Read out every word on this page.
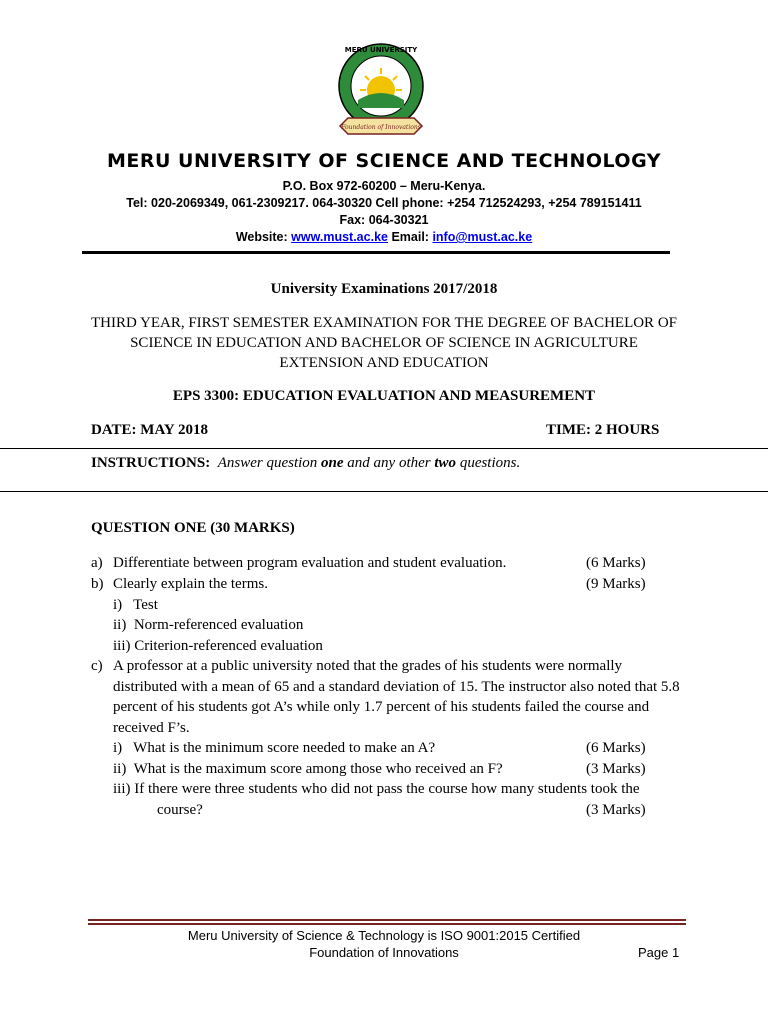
MERU UNIVERSITY
Foundation of Innovations
MERU UNIVERSITY OF SCIENCE AND TECHNOLOGY
P.O. Box 972-60200 – Meru-Kenya.
Tel: 020-2069349, 061-2309217. 064-30320 Cell phone: +254 712524293, +254 789151411
Fax: 064-30321
Website: www.must.ac.ke Email: info@must.ac.ke
University Examinations 2017/2018
THIRD YEAR, FIRST SEMESTER EXAMINATION FOR THE DEGREE OF BACHELOR OF
SCIENCE IN EDUCATION AND BACHELOR OF SCIENCE IN AGRICULTURE
EXTENSION AND EDUCATION
EPS 3300: EDUCATION EVALUATION AND MEASUREMENT
DATE: MAY 2018	TIME: 2 HOURS
INSTRUCTIONS: Answer question one and any other two questions.
QUESTION ONE (30 MARKS)
a) Differentiate between program evaluation and student evaluation.	(6 Marks)
b) Clearly explain the terms.	(9 Marks)
i) Test
ii) Norm-referenced evaluation
iii) Criterion-referenced evaluation
c) A professor at a public university noted that the grades of his students were normally
distributed with a mean of 65 and a standard deviation of 15. The instructor also noted that 5.8
percent of his students got A’s while only 1.7 percent of his students failed the course and
received F’s.
i) What is the minimum score needed to make an A?	(6 Marks)
ii) What is the maximum score among those who received an F?	(3 Marks)
iii) If there were three students who did not pass the course how many students took the
course?	(3 Marks)
Meru University of Science & Technology is ISO 9001:2015 Certified
Foundation of Innovations	Page 1
